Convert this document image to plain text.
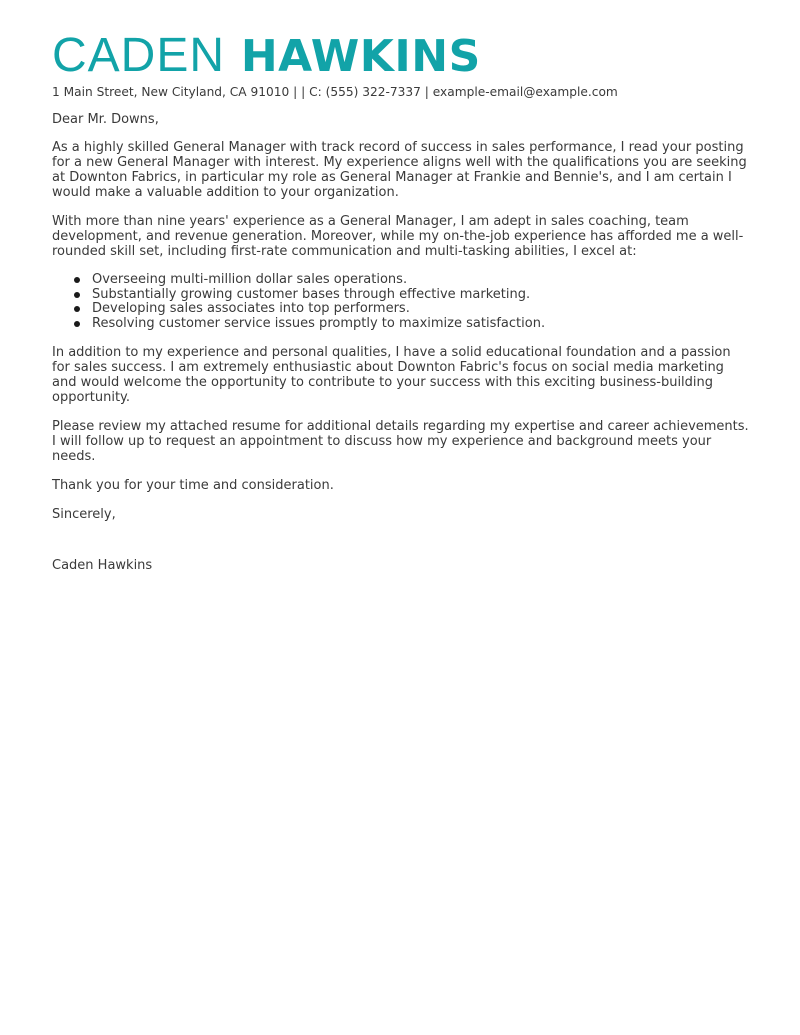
CADEN HAWKINS
1 Main Street, New Cityland, CA 91010 | | C: (555) 322-7337 | example-email@example.com

Dear Mr. Downs,

As a highly skilled General Manager with track record of success in sales performance, I read your posting for a new General Manager with interest. My experience aligns well with the qualifications you are seeking at Downton Fabrics, in particular my role as General Manager at Frankie and Bennie's, and I am certain I would make a valuable addition to your organization.

With more than nine years' experience as a General Manager, I am adept in sales coaching, team development, and revenue generation. Moreover, while my on-the-job experience has afforded me a well-rounded skill set, including first-rate communication and multi-tasking abilities, I excel at:

Overseeing multi-million dollar sales operations.
Substantially growing customer bases through effective marketing.
Developing sales associates into top performers.
Resolving customer service issues promptly to maximize satisfaction.

In addition to my experience and personal qualities, I have a solid educational foundation and a passion for sales success. I am extremely enthusiastic about Downton Fabric's focus on social media marketing and would welcome the opportunity to contribute to your success with this exciting business-building opportunity.

Please review my attached resume for additional details regarding my expertise and career achievements. I will follow up to request an appointment to discuss how my experience and background meets your needs.

Thank you for your time and consideration.

Sincerely,

Caden Hawkins
